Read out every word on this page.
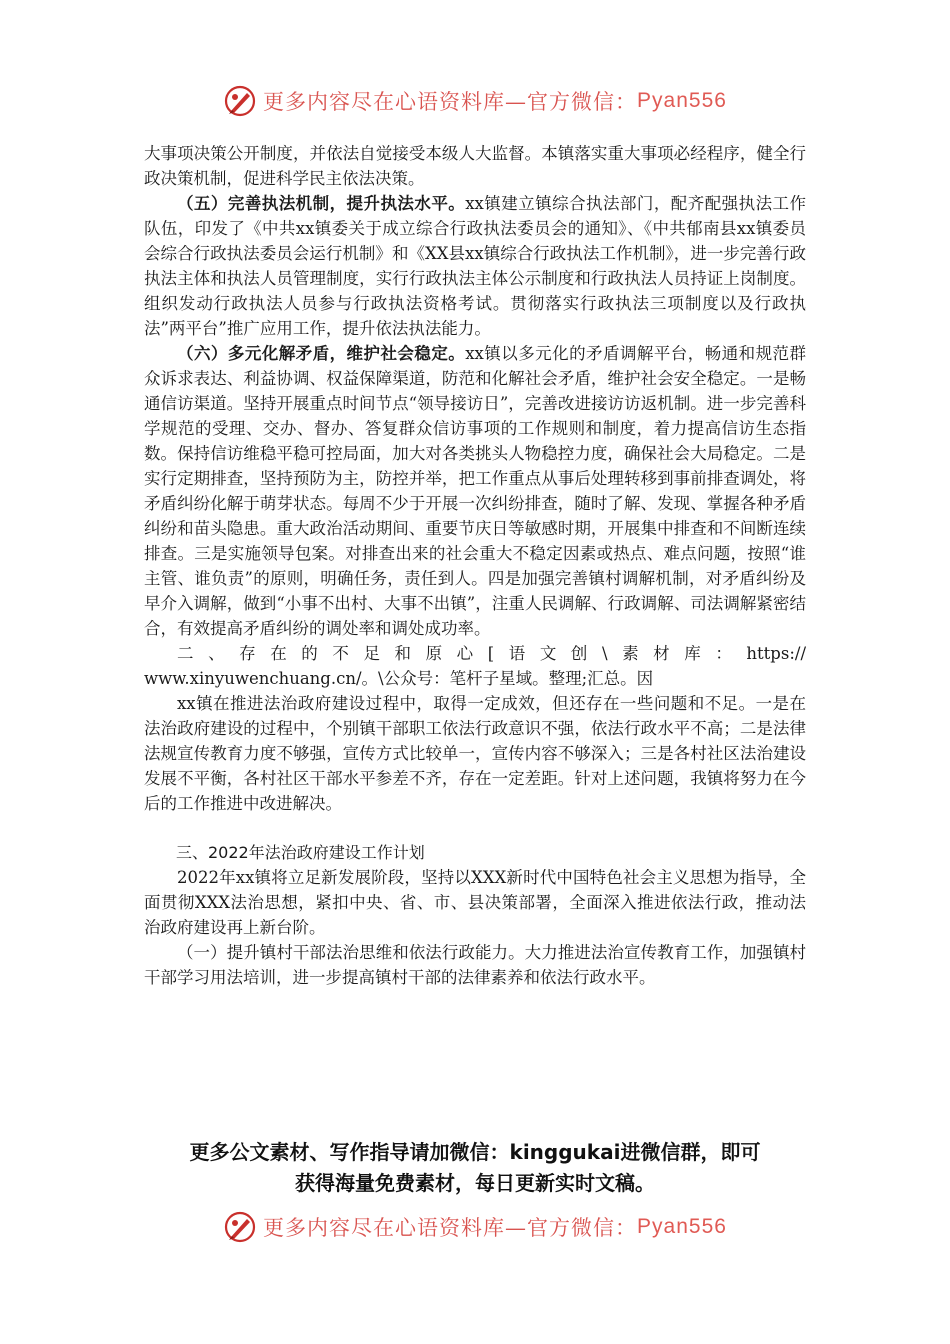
更多内容尽在心语资料库—官方微信： Pyan556

大事项决策公开制度，并依法自觉接受本级人大监督。本镇落实重大事项必经程序，健全行政决策机制，促进科学民主依法决策。

（五）完善执法机制，提升执法水平。xx镇建立镇综合执法部门，配齐配强执法工作队伍，印发了《中共xx镇委关于成立综合行政执法委员会的通知》、《中共郁南县xx镇委员会综合行政执法委员会运行机制》和《XX县xx镇综合行政执法工作机制》，进一步完善行政执法主体和执法人员管理制度，实行行政执法主体公示制度和行政执法人员持证上岗制度。组织发动行政执法人员参与行政执法资格考试。贯彻落实行政执法三项制度以及行政执法”两平台”推广应用工作，提升依法执法能力。

（六）多元化解矛盾，维护社会稳定。xx镇以多元化的矛盾调解平台，畅通和规范群众诉求表达、利益协调、权益保障渠道，防范和化解社会矛盾，维护社会安全稳定。一是畅通信访渠道。坚持开展重点时间节点“领导接访日”，完善改进接访访返机制。进一步完善科学规范的受理、交办、督办、答复群众信访事项的工作规则和制度，着力提高信访生态指数。保持信访维稳平稳可控局面，加大对各类挑头人物稳控力度，确保社会大局稳定。二是实行定期排查，坚持预防为主，防控并举，把工作重点从事后处理转移到事前排查调处，将矛盾纠纷化解于萌芽状态。每周不少于开展一次纠纷排查，随时了解、发现、掌握各种矛盾纠纷和苗头隐患。重大政治活动期间、重要节庆日等敏感时期，开展集中排查和不间断连续排查。三是实施领导包案。对排查出来的社会重大不稳定因素或热点、难点问题，按照“谁主管、谁负责”的原则，明确任务，责任到人。四是加强完善镇村调解机制，对矛盾纠纷及早介入调解，做到“小事不出村、大事不出镇”，注重人民调解、行政调解、司法调解紧密结合，有效提高矛盾纠纷的调处率和调处成功率。

二、存在的不足和原心[语文创\素材库：https://

www.xinyuwenchuang.cn/。\公众号：笔杆子星域。整理;汇总。因

xx镇在推进法治政府建设过程中，取得一定成效，但还存在一些问题和不足。一是在法治政府建设的过程中，个别镇干部职工依法行政意识不强，依法行政水平不高；二是法律法规宣传教育力度不够强，宣传方式比较单一，宣传内容不够深入；三是各村社区法治建设发展不平衡，各村社区干部水平参差不齐，存在一定差距。针对上述问题，我镇将努力在今后的工作推进中改进解决。

三、2022年法治政府建设工作计划

2022年xx镇将立足新发展阶段，坚持以XXX新时代中国特色社会主义思想为指导，全面贯彻XXX法治思想，紧扣中央、省、市、县决策部署，全面深入推进依法行政，推动法治政府建设再上新台阶。

（一）提升镇村干部法治思维和依法行政能力。大力推进法治宣传教育工作，加强镇村干部学习用法培训，进一步提高镇村干部的法律素养和依法行政水平。

更多公文素材、写作指导请加微信：kinggukai进微信群，即可
获得海量免费素材，每日更新实时文稿。
更多内容尽在心语资料库—官方微信： Pyan556
